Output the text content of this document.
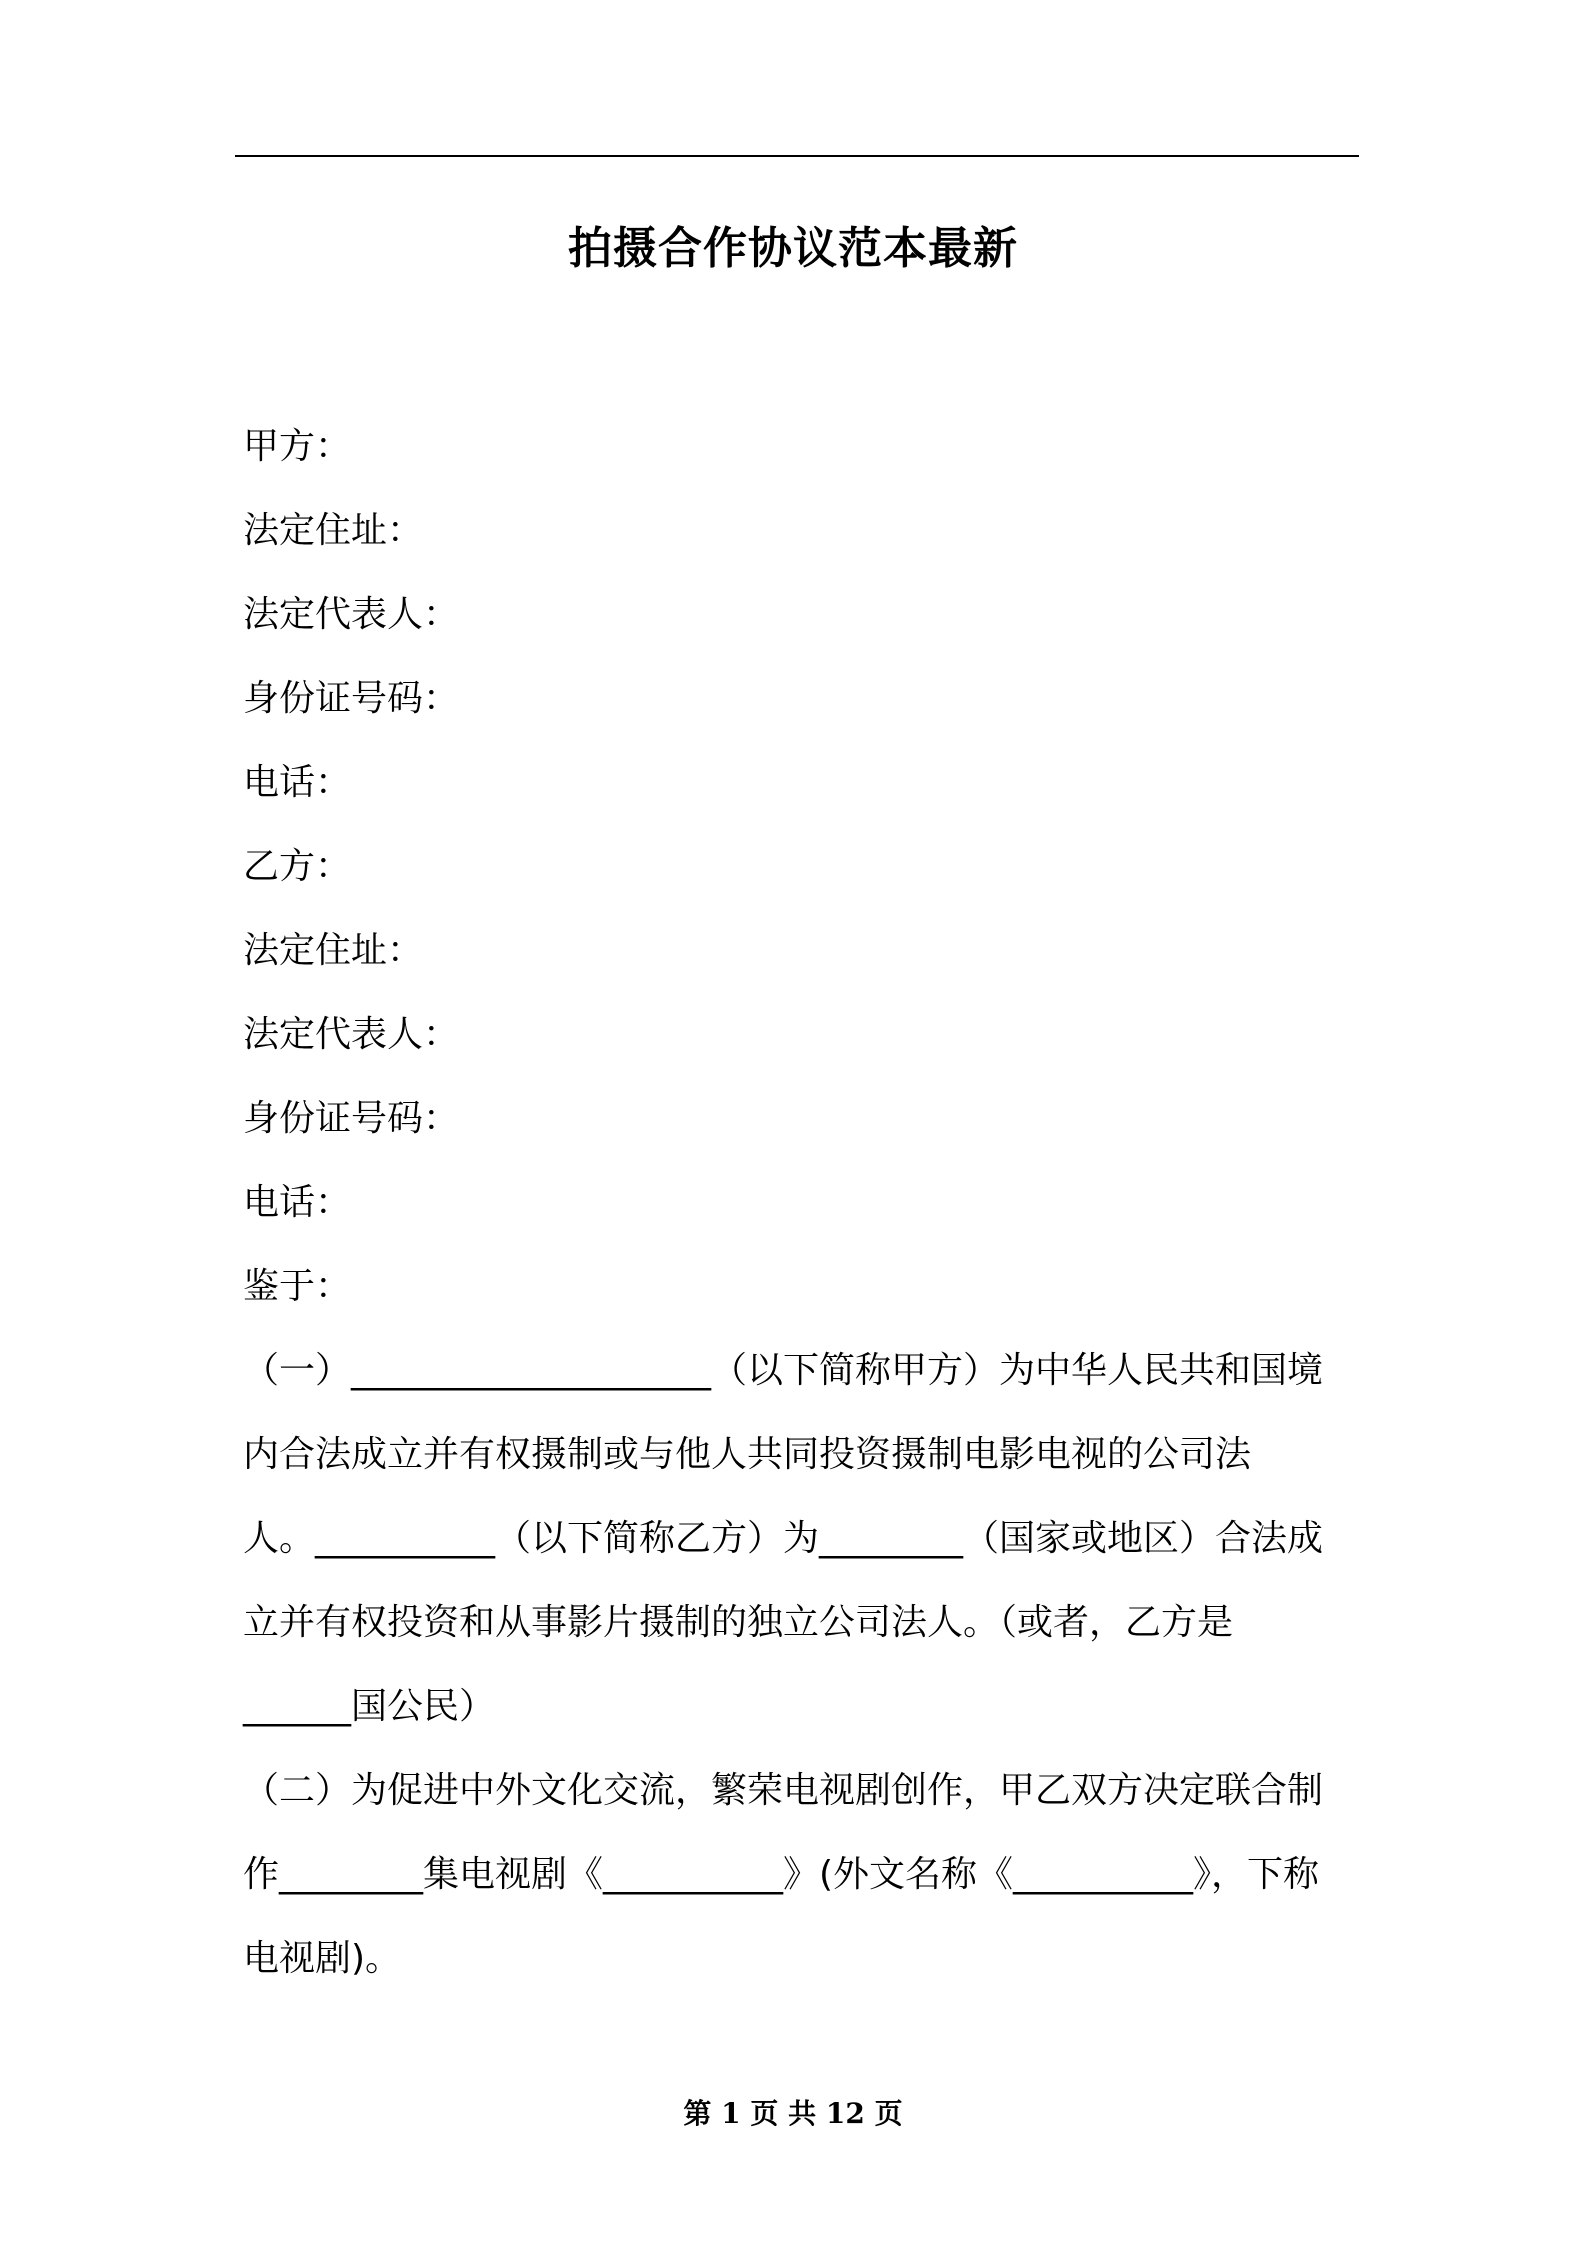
拍摄合作协议范本最新
甲方：
法定住址：
法定代表人：
身份证号码：
电话：
乙方：
法定住址：
法定代表人：
身份证号码：
电话：
鉴于：
（一）____________________（以下简称甲方）为中华人民共和国境
内合法成立并有权摄制或与他人共同投资摄制电影电视的公司法
人。__________（以下简称乙方）为________（国家或地区）合法成
立并有权投资和从事影片摄制的独立公司法人。（或者，乙方是
______国公民）
（二）为促进中外文化交流，繁荣电视剧创作，甲乙双方决定联合制
作________集电视剧《__________》(外文名称《__________》，下称
电视剧)。
第 1 页 共 12 页
